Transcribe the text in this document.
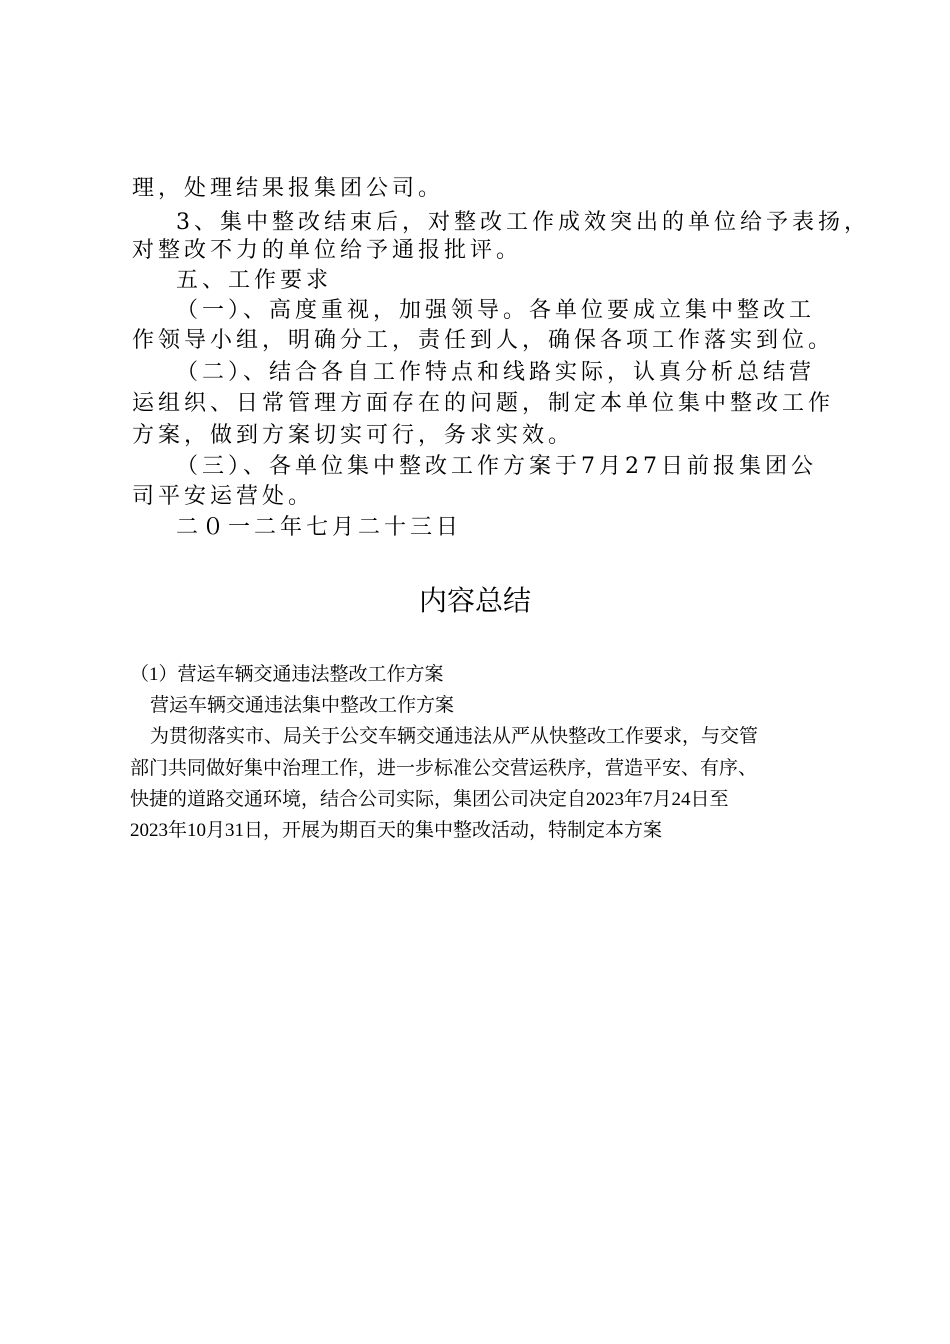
理，处理结果报集团公司。
3、集中整改结束后，对整改工作成效突出的单位给予表扬，
对整改不力的单位给予通报批评。
五、工作要求
（一）、高度重视，加强领导。各单位要成立集中整改工
作领导小组，明确分工，责任到人，确保各项工作落实到位。
（二）、结合各自工作特点和线路实际，认真分析总结营
运组织、日常管理方面存在的问题，制定本单位集中整改工作
方案，做到方案切实可行，务求实效。
（三）、各单位集中整改工作方案于7月27日前报集团公
司平安运营处。
二０一二年七月二十三日
内容总结
（1）营运车辆交通违法整改工作方案
营运车辆交通违法集中整改工作方案
为贯彻落实市、局关于公交车辆交通违法从严从快整改工作要求，与交管
部门共同做好集中治理工作，进一步标准公交营运秩序，营造平安、有序、
快捷的道路交通环境，结合公司实际，集团公司决定自2023年7月24日至
2023年10月31日，开展为期百天的集中整改活动，特制定本方案
